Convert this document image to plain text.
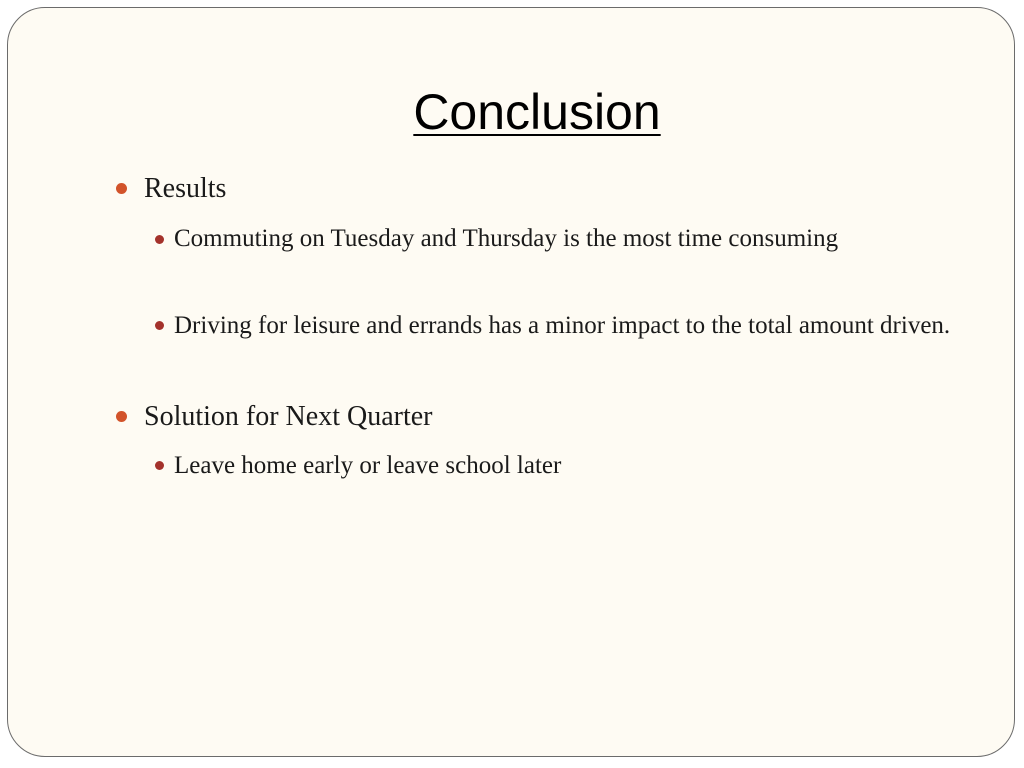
Conclusion
Results
Commuting on Tuesday and Thursday is the most time consuming
Driving for leisure and errands has a minor impact to the total amount driven.
Solution for Next Quarter
Leave home early or leave school later
